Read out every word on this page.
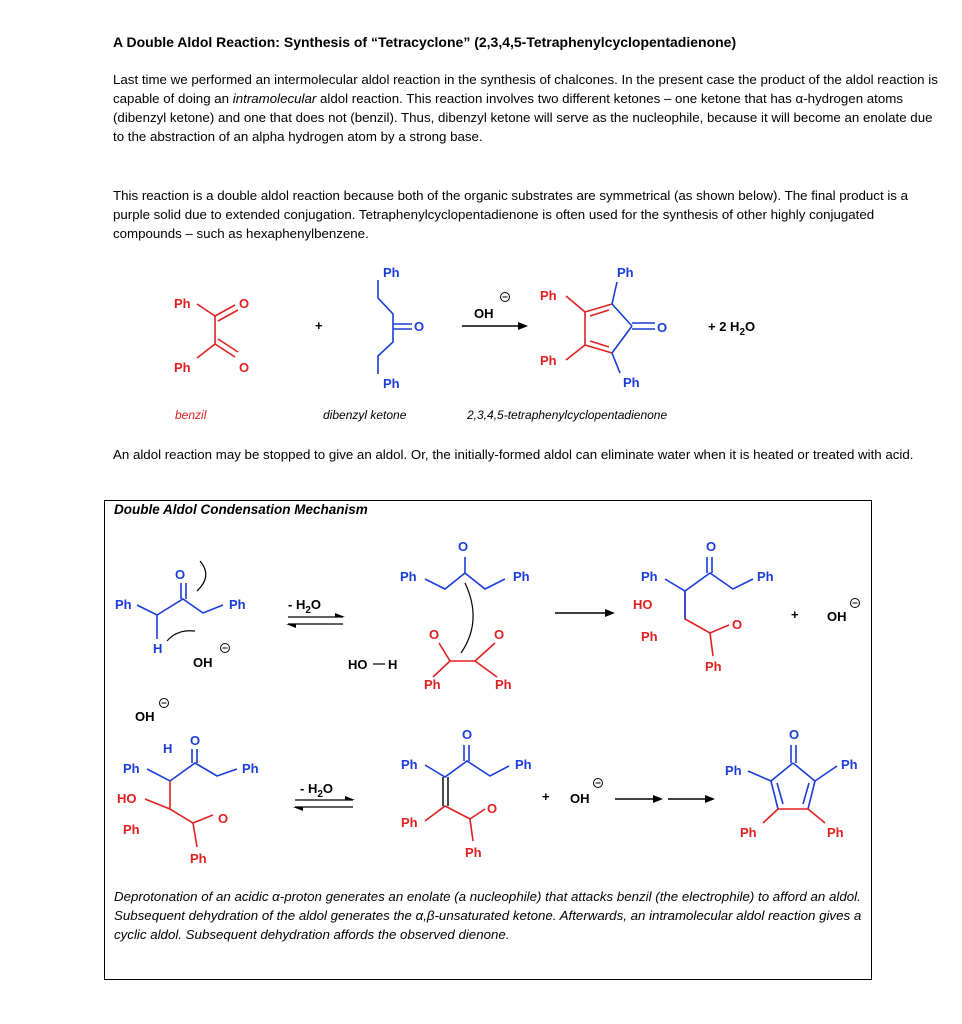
A Double Aldol Reaction: Synthesis of “Tetracyclone” (2,3,4,5-Tetraphenylcyclopentadienone)
Last time we performed an intermolecular aldol reaction in the synthesis of chalcones. In the present case the product of the aldol reaction is capable of doing an intramolecular aldol reaction. This reaction involves two different ketones – one ketone that has α-hydrogen atoms (dibenzyl ketone) and one that does not (benzil). Thus, dibenzyl ketone will serve as the nucleophile, because it will become an enolate due to the abstraction of an alpha hydrogen atom by a strong base.
This reaction is a double aldol reaction because both of the organic substrates are symmetrical (as shown below). The final product is a purple solid due to extended conjugation. Tetraphenylcyclopentadienone is often used for the synthesis of other highly conjugated compounds – such as hexaphenylbenzene.
Ph
Ph
O
O
+
Ph
Ph
O
OH
Ph
Ph
Ph
Ph
O	+ 2 $H_2O$
benzil	dibenzyl ketone	2,3,4,5-tetraphenylcyclopentadienone
An aldol reaction may be stopped to give an aldol. Or, the initially-formed aldol can eliminate water when it is heated or treated with acid.
Ph	Ph
O
H
OH
- $H_2O$
Ph	Ph
O
O	O
Ph	Ph
HO H
Ph	Ph
O
HO
Ph
Ph
O
+ OH
OH
H
O
Ph	Ph
HO
Ph
Ph
O
- $H_2O$
Ph	Ph
O
Ph
Ph
O
+ OH
O
Ph	Ph
Ph	Ph
Double Aldol Condensation Mechanism
Deprotonation of an acidic α-proton generates an enolate (a nucleophile) that attacks benzil (the electrophile) to afford an aldol. Subsequent dehydration of the aldol generates the α,β-unsaturated ketone. Afterwards, an intramolecular aldol reaction gives a cyclic aldol. Subsequent dehydration affords the observed dienone.
